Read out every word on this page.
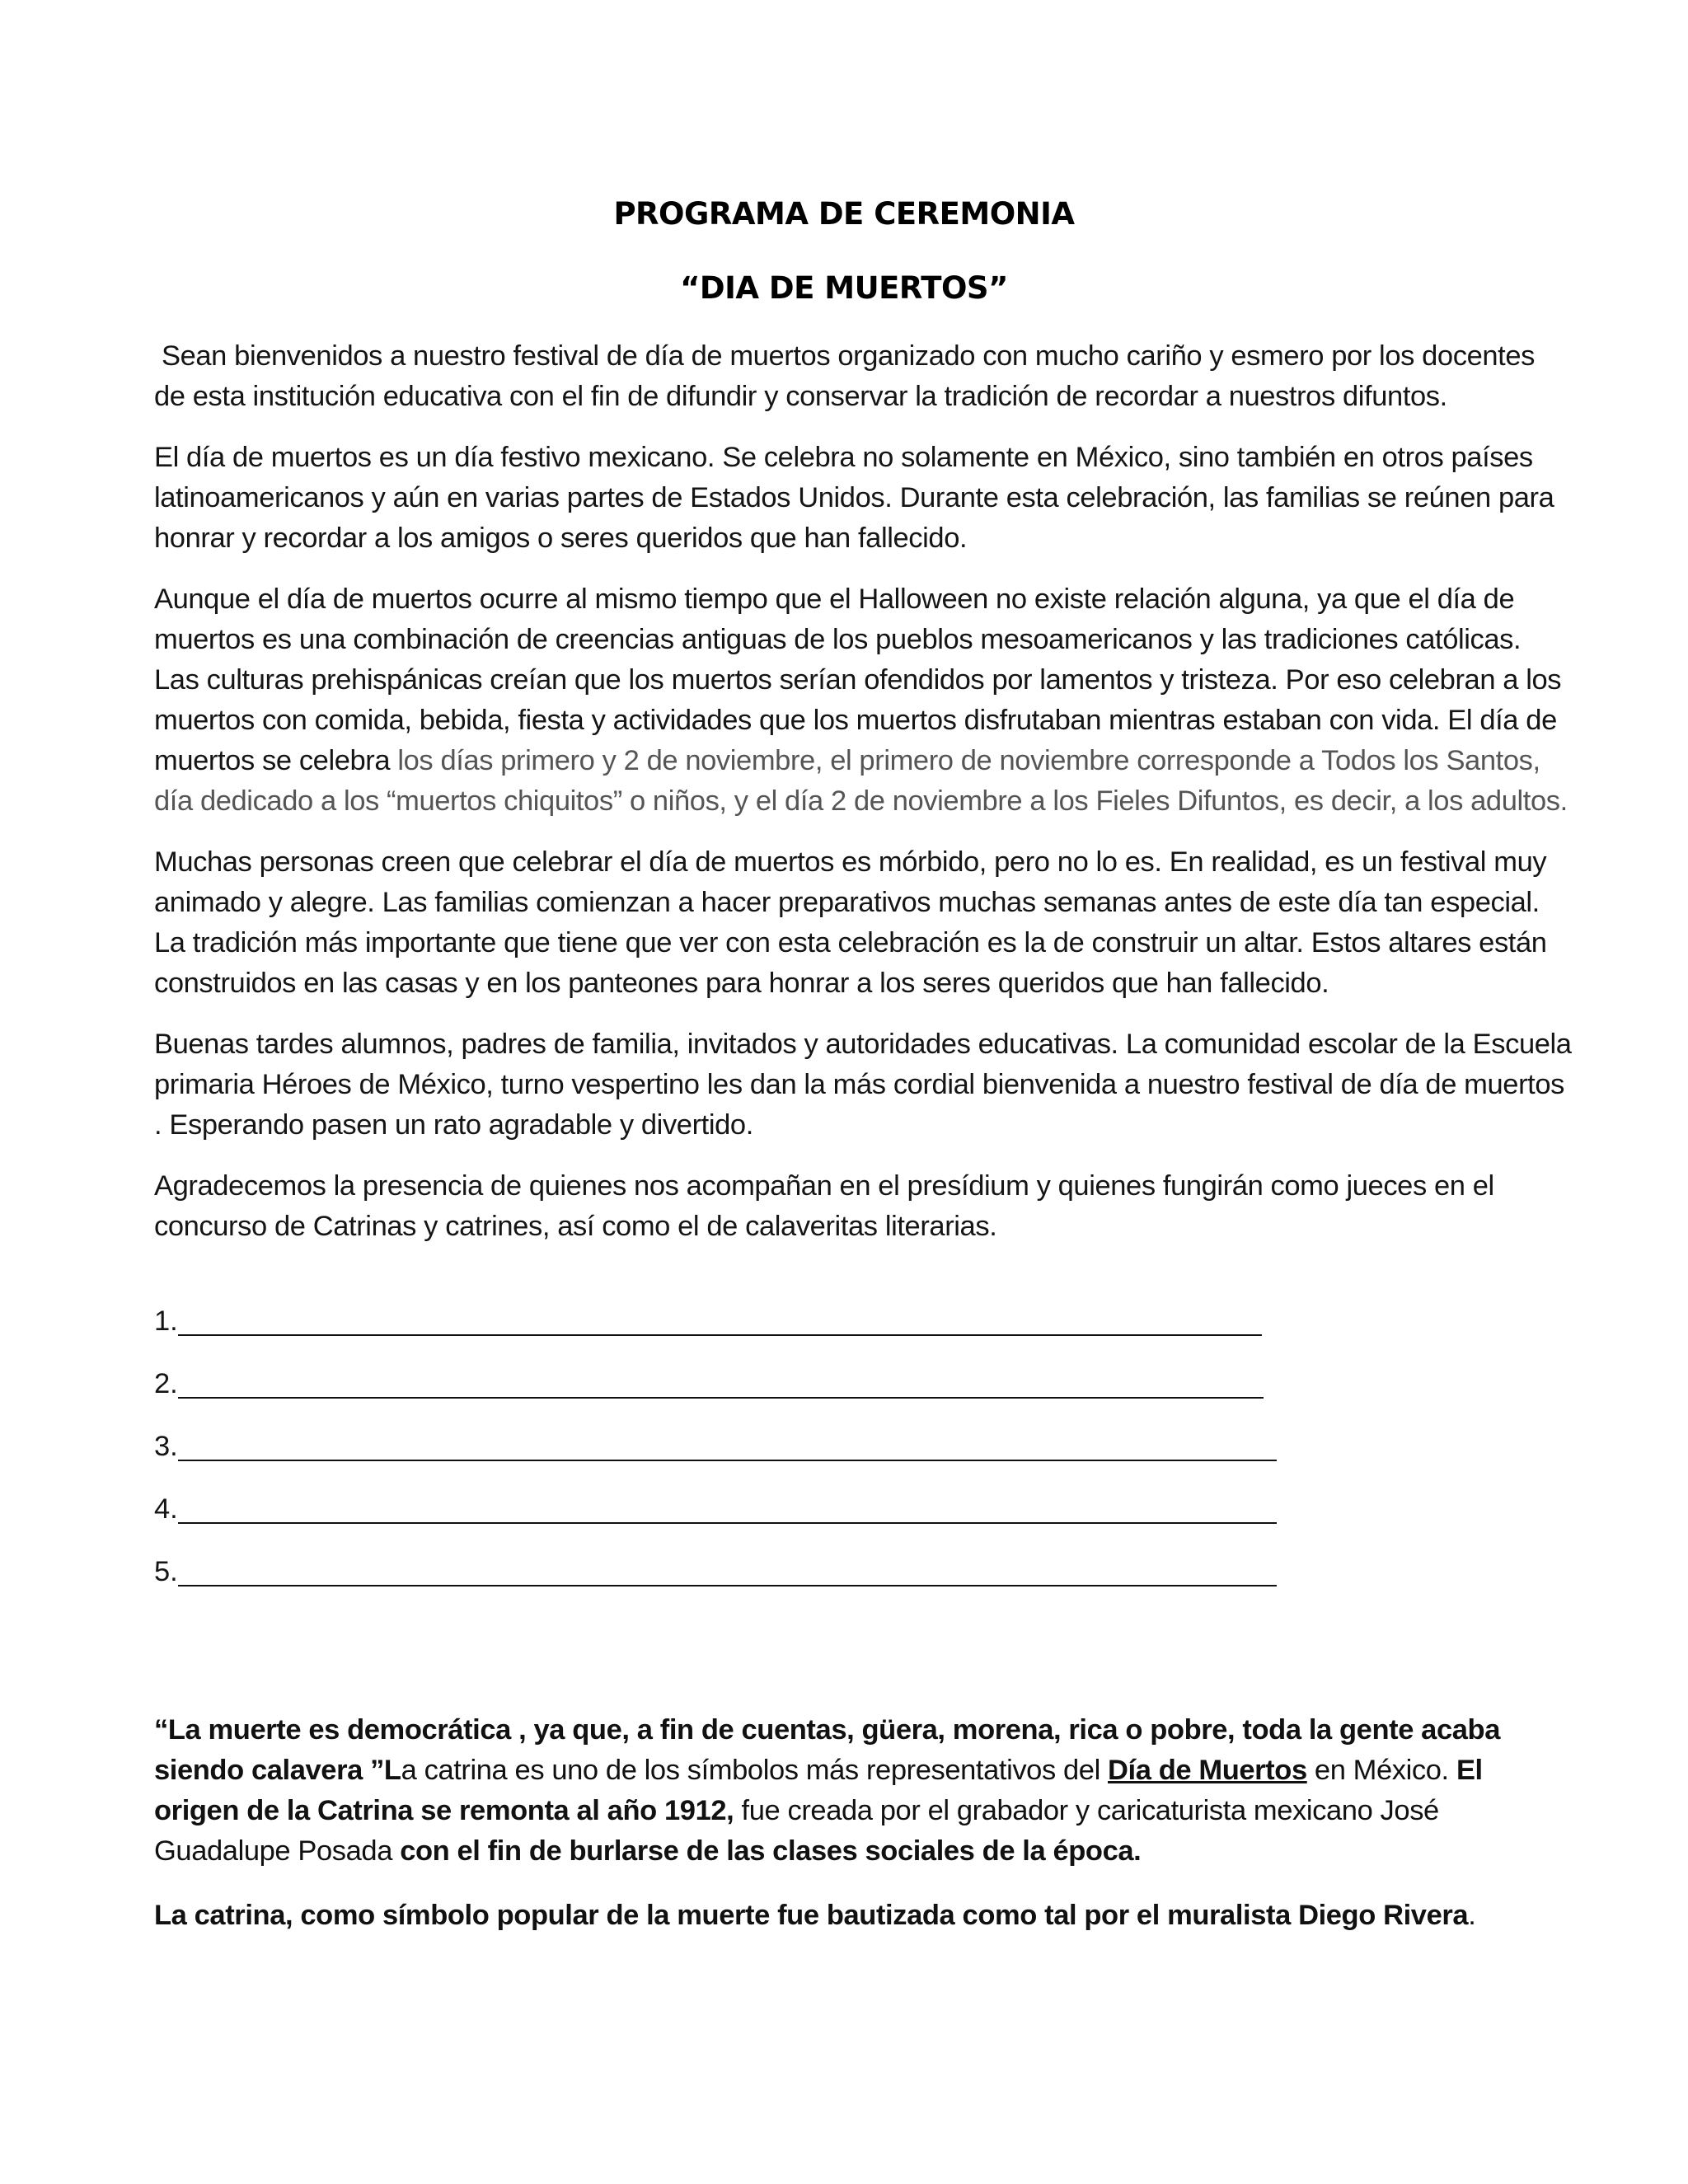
PROGRAMA DE CEREMONIA
“DIA DE MUERTOS”

Sean bienvenidos a nuestro festival de día de muertos organizado con mucho cariño y esmero por los docentes de esta institución educativa con el fin de difundir y conservar la tradición de recordar a nuestros difuntos.

El día de muertos es un día festivo mexicano. Se celebra no solamente en México, sino también en otros países latinoamericanos y aún en varias partes de Estados Unidos. Durante esta celebración, las familias se reúnen para honrar y recordar a los amigos o seres queridos que han fallecido.

Aunque el día de muertos ocurre al mismo tiempo que el Halloween no existe relación alguna, ya que el día de muertos es una combinación de creencias antiguas de los pueblos mesoamericanos y las tradiciones católicas. Las culturas prehispánicas creían que los muertos serían ofendidos por lamentos y tristeza. Por eso celebran a los muertos con comida, bebida, fiesta y actividades que los muertos disfrutaban mientras estaban con vida. El día de muertos se celebra los días primero y 2 de noviembre, el primero de noviembre corresponde a Todos los Santos, día dedicado a los “muertos chiquitos” o niños, y el día 2 de noviembre a los Fieles Difuntos, es decir, a los adultos.

Muchas personas creen que celebrar el día de muertos es mórbido, pero no lo es. En realidad, es un festival muy animado y alegre. Las familias comienzan a hacer preparativos muchas semanas antes de este día tan especial. La tradición más importante que tiene que ver con esta celebración es la de construir un altar. Estos altares están construidos en las casas y en los panteones para honrar a los seres queridos que han fallecido.

Buenas tardes alumnos, padres de familia, invitados y autoridades educativas. La comunidad escolar de la Escuela primaria Héroes de México, turno vespertino les dan la más cordial bienvenida a nuestro festival de día de muertos . Esperando pasen un rato agradable y divertido.

Agradecemos la presencia de quienes nos acompañan en el presídium y quienes fungirán como jueces en el concurso de Catrinas y catrines, así como el de calaveritas literarias.

1.
2.
3.
4.
5.

“La muerte es democrática , ya que, a fin de cuentas, güera, morena, rica o pobre, toda la gente acaba siendo calavera ”La catrina es uno de los símbolos más representativos del Día de Muertos en México. El origen de la Catrina se remonta al año 1912, fue creada por el grabador y caricaturista mexicano José Guadalupe Posada con el fin de burlarse de las clases sociales de la época.

La catrina, como símbolo popular de la muerte fue bautizada como tal por el muralista Diego Rivera.
